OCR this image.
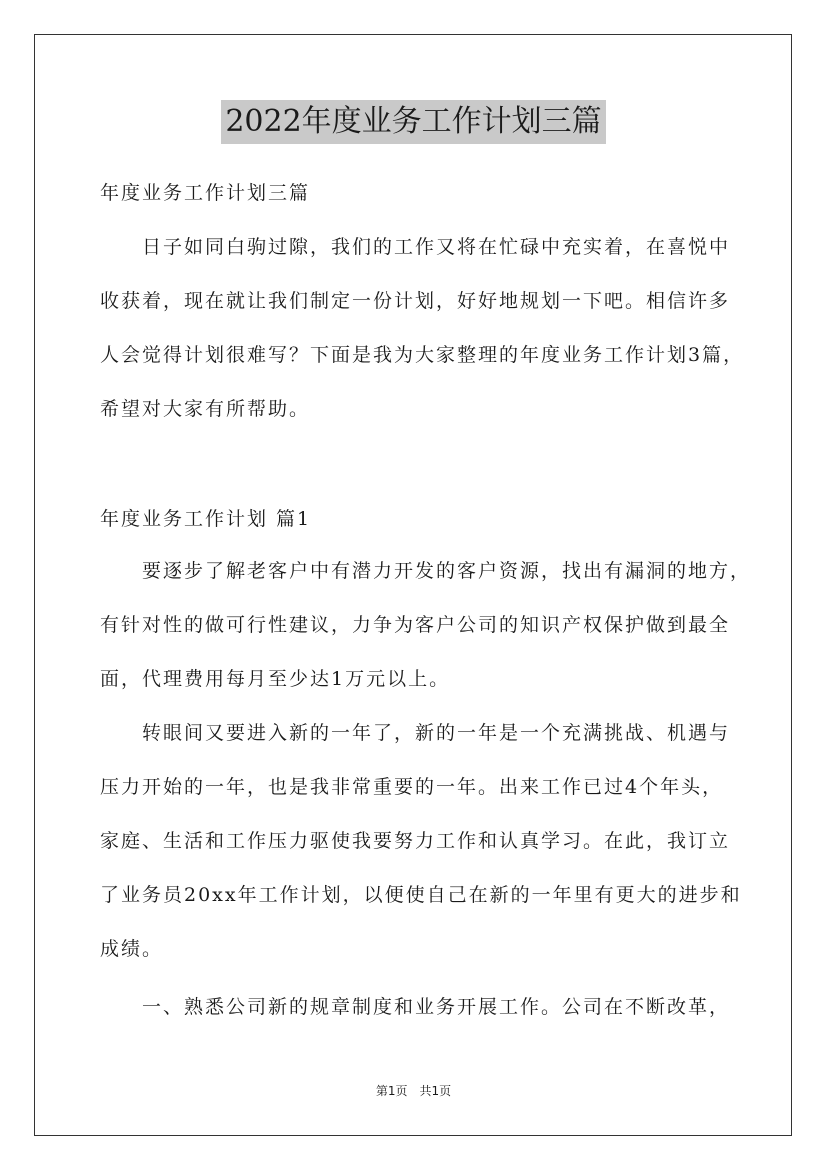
2022年度业务工作计划三篇
年度业务工作计划三篇
　　日子如同白驹过隙，我们的工作又将在忙碌中充实着，在喜悦中
收获着，现在就让我们制定一份计划，好好地规划一下吧。相信许多
人会觉得计划很难写？下面是我为大家整理的年度业务工作计划3篇，
希望对大家有所帮助。
年度业务工作计划 篇1
　　要逐步了解老客户中有潜力开发的客户资源，找出有漏洞的地方，
有针对性的做可行性建议，力争为客户公司的知识产权保护做到最全
面，代理费用每月至少达1万元以上。
　　转眼间又要进入新的一年了，新的一年是一个充满挑战、机遇与
压力开始的一年，也是我非常重要的一年。出来工作已过4个年头，
家庭、生活和工作压力驱使我要努力工作和认真学习。在此，我订立
了业务员20xx年工作计划，以便使自己在新的一年里有更大的进步和
成绩。
　　一、熟悉公司新的规章制度和业务开展工作。公司在不断改革，
第1页　共1页
